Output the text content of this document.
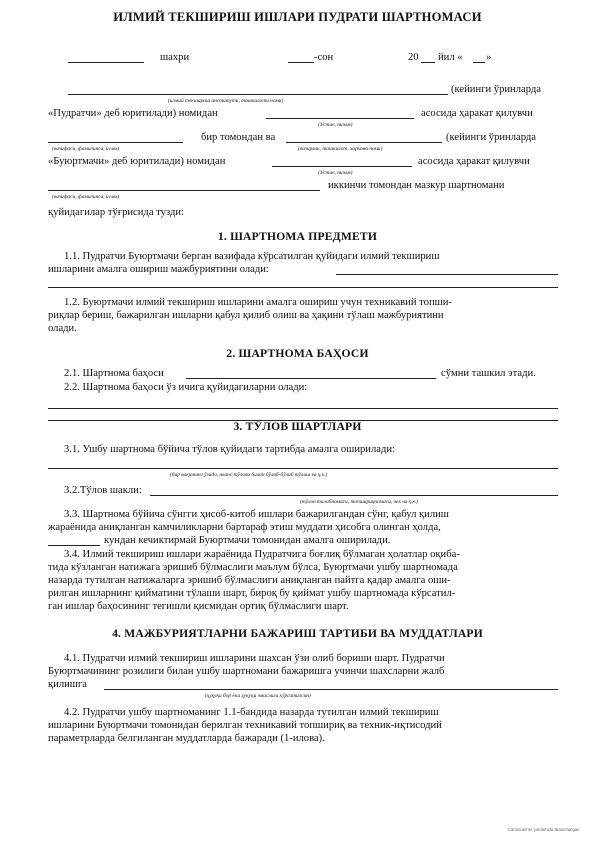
ИЛМИЙ ТЕКШИРИШ ИШЛАРИ ПУДРАТИ ШАРТНОМАСИ
шахри	-сон	20 йил « »
(кейинги ўринларда
(илмий текшириш институти, ташкилоти номи)
«Пудратчи» деб юритилади) номидан	асосида ҳаракат қилувчи
(Устав, низом)
бир томондан ва	(кейинги ўринларда
(вазифаси, фамилияси, исми)	(вазирлик, ташкилот, хорхона номи)
«Буюртмачи» деб юритилади) номидан	асосида ҳаракат қилувчи
(Устав, низом)
иккинчи томондан мазкур шартномани
(вазифаси, фамилияси, исми)
қуйидагилар тўғрисида тузди:
1. ШАРТНОМА ПРЕДМЕТИ
1.1. Пудратчи Буюртмачи берган вазифада кўрсатилган қуйидаги илмий текшириш
ишларини амалга ошириш мажбуриятини олади:
1.2. Буюртмачи илмий текшириш ишларини амалга ошириш учун техникавий топши-
риқлар бериш, бажарилган ишларни қабул қилиб олиш ва ҳақини тўлаш мажбуриятини
олади.
2. ШАРТНОМА БАҲОСИ
2.1. Шартнома баҳоси	сўмни ташкил этади.
2.2. Шартнома баҳоси ўз ичига қуйидагиларни олади:
3. ТЎЛОВ ШАРТЛАРИ
3.1. Ушбу шартнома бўйича тўлов қуйидаги тартибда амалга оширилади:
(бир вақтнинг ўзида, аванс тўлови билан бўлиб-бўлиб тўлаш ва ҳ.к.)
3.2.Тўлов шакли:
(тўлов талабномаси, топшириқномаси, чек ва ҳ.к.)
3.3. Шартнома бўйича сўнгги ҳисоб-китоб ишлари бажарилгандан сўнг, қабул қилиш
жараёнида аниқланган камчиликларни бартараф этиш муддати ҳисобга олинган ҳолда,
кундан кечиктирмай Буюртмачи томонидан амалга оширилади.
3.4. Илмий текшириш ишлари жараёнида Пудратчига боғлиқ бўлмаган ҳолатлар оқиба-
тида кўзланган натижага эришиб бўлмаслиги маълум бўлса, Буюртмачи ушбу шартномада
назарда тутилган натижаларга эришиб бўлмаслиги аниқланган пайтга қадар амалга оши-
рилган ишларнинг қийматини тўлаши шарт, бироқ бу қиймат ушбу шартномада кўрсатил-
ган ишлар баҳосининг тегишли қисмидан ортиқ бўлмаслиги шарт.
4. МАЖБУРИЯТЛАРНИ БАЖАРИШ ТАРТИБИ ВА МУДДАТЛАРИ
4.1. Пудратчи илмий текшириш ишларини шахсан ўзи олиб бориши шарт. Пудратчи
Буюртмачининг розилиги билан ушбу шартномани бажаришга учинчи шахсларни жалб
қилишга
(ҳуқуқи бор ёки ҳуқуқи эмаслиги кўрсатилсин)
4.2. Пудратчи ушбу шартноманинг 1.1-бандида назарда тутилган илмий текшириш
ишларини Буюртмачи томонидан берилган техникавий топшириқ ва техник-иқтисодий
параметрларда белгиланган муддатларда бажаради (1-илова).
CamScanner yordamida skanerlangan
